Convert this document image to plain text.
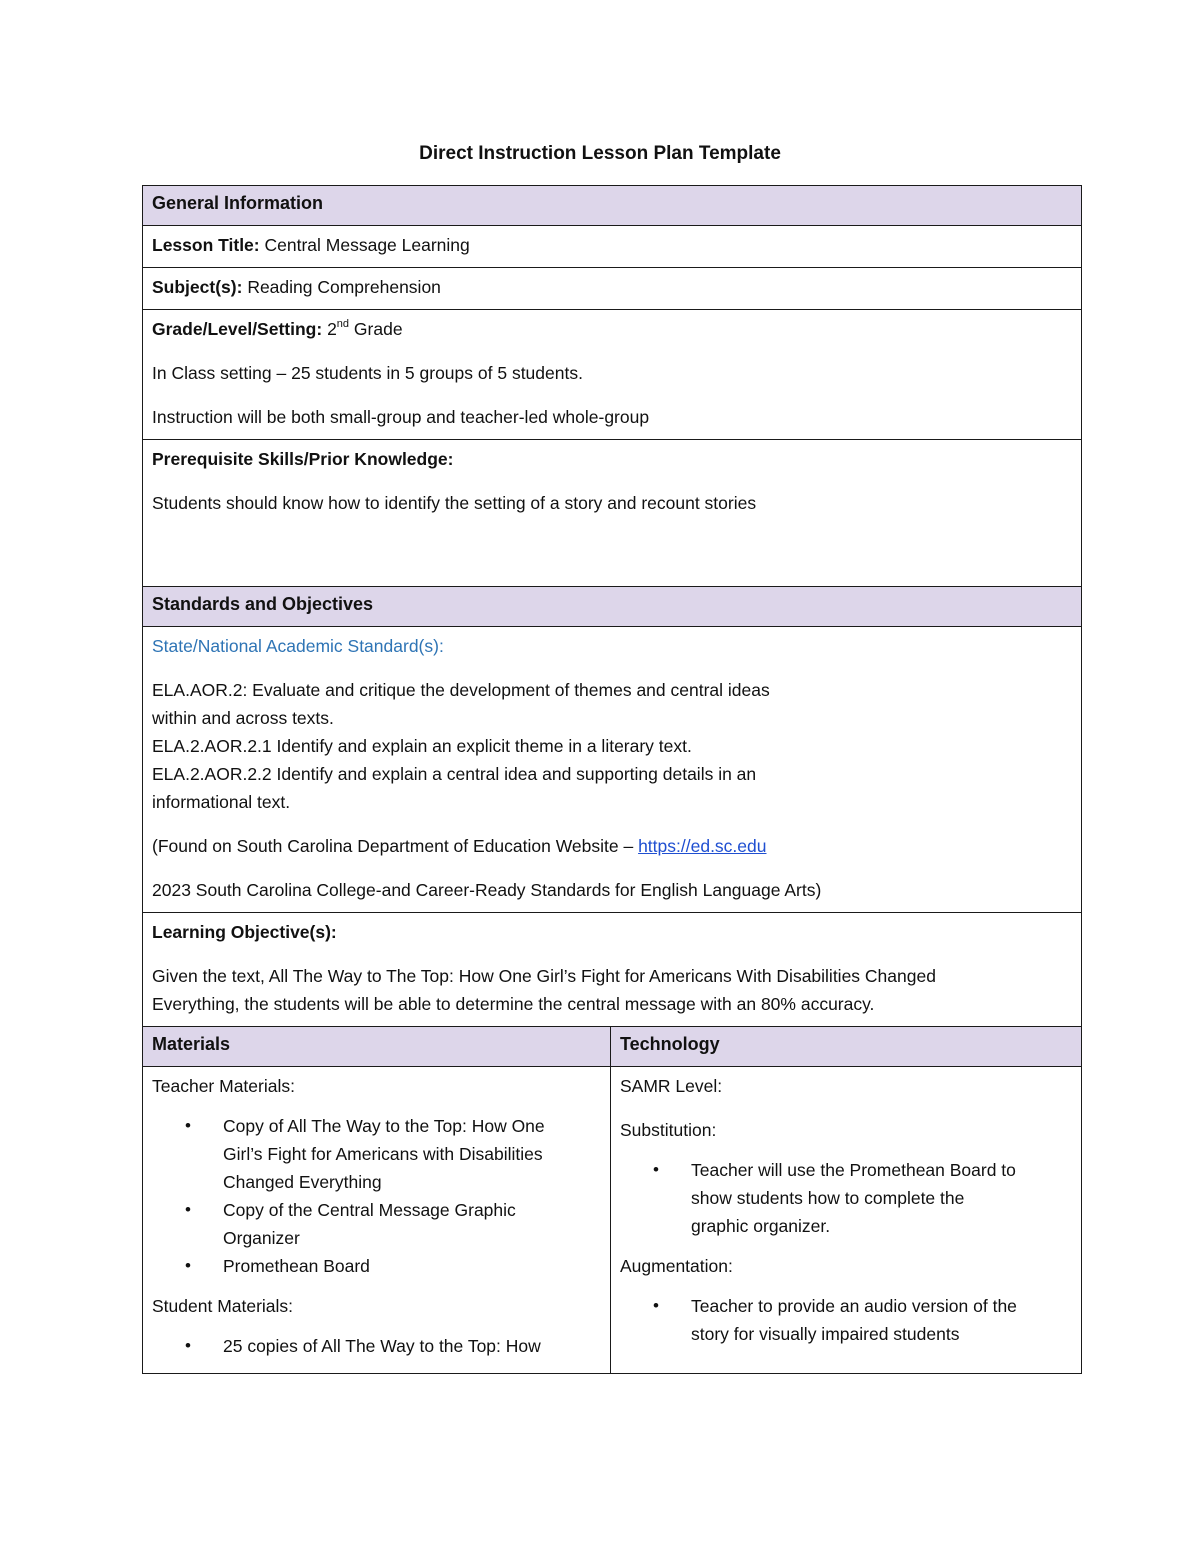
Direct Instruction Lesson Plan Template
General Information
Lesson Title: Central Message Learning
Subject(s): Reading Comprehension

Grade/Level/Setting: 2nd Grade

In Class setting – 25 students in 5 groups of 5 students.

Instruction will be both small-group and teacher-led whole-group

Prerequisite Skills/Prior Knowledge:

Students should know how to identify the setting of a story and recount stories

Standards and Objectives

State/National Academic Standard(s):

ELA.AOR.2: Evaluate and critique the development of themes and central ideas
within and across texts.
ELA.2.AOR.2.1 Identify and explain an explicit theme in a literary text.
ELA.2.AOR.2.2 Identify and explain a central idea and supporting details in an
informational text.

(Found on South Carolina Department of Education Website – https://ed.sc.edu

2023 South Carolina College-and Career-Ready Standards for English Language Arts)

Learning Objective(s):

Given the text, All The Way to The Top: How One Girl’s Fight for Americans With Disabilities Changed
Everything, the students will be able to determine the central message with an 80% accuracy.

Materials	Technology

Teacher Materials:

• Copy of All The Way to the Top: How One
Girl’s Fight for Americans with Disabilities
Changed Everything
• Copy of the Central Message Graphic
Organizer
• Promethean Board

Student Materials:

• 25 copies of All The Way to the Top: How

SAMR Level:

Substitution:

• Teacher will use the Promethean Board to
show students how to complete the
graphic organizer.

Augmentation:

• Teacher to provide an audio version of the
story for visually impaired students
